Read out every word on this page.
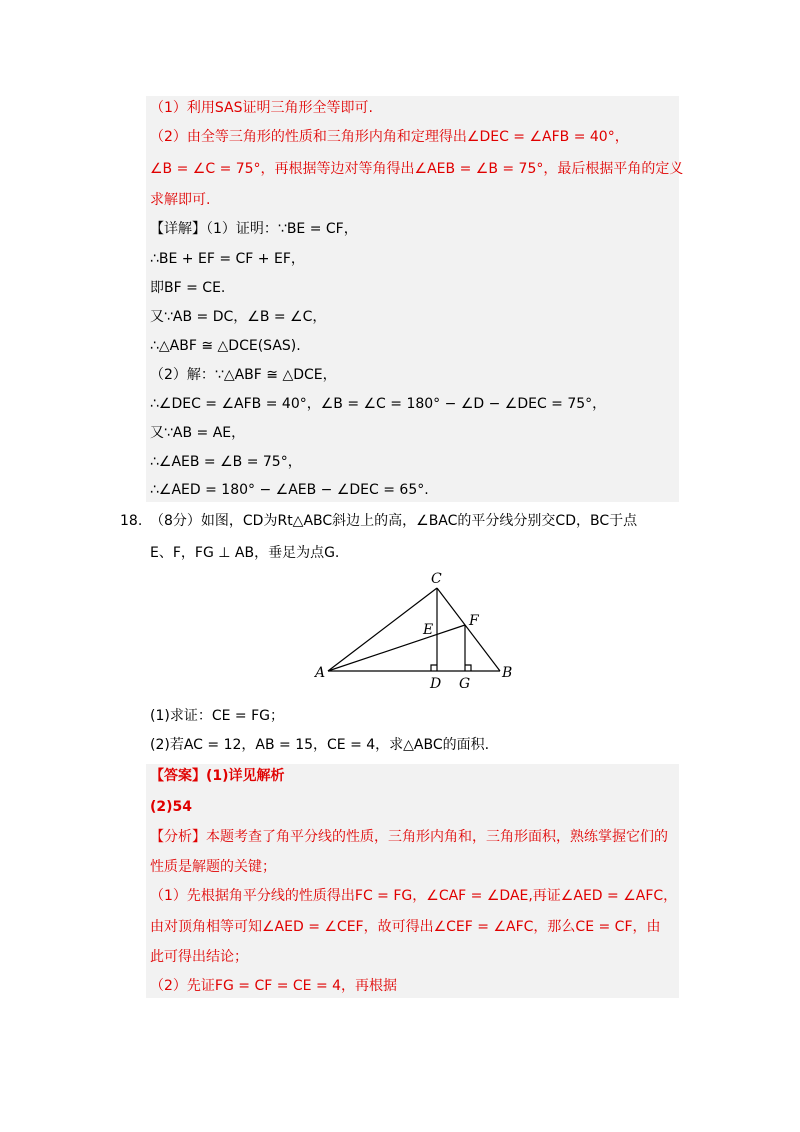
（1）利用SAS证明三角形全等即可.
（2）由全等三角形的性质和三角形内角和定理得出∠DEC = ∠AFB = 40°，
∠B = ∠C = 75°，再根据等边对等角得出∠AEB = ∠B = 75°，最后根据平角的定义
求解即可.
【详解】（1）证明：∵BE = CF，
∴BE + EF = CF + EF，
即BF = CE.
又∵AB = DC，∠B = ∠C，
∴△ABF ≅ △DCE(SAS).
（2）解：∵△ABF ≅ △DCE，
∴∠DEC = ∠AFB = 40°，∠B = ∠C = 180° − ∠D − ∠DEC = 75°，
又∵AB = AE，
∴∠AEB = ∠B = 75°，
∴∠AED = 180° − ∠AEB − ∠DEC = 65°.
18. （8分）如图，CD为Rt△ABC斜边上的高，∠BAC的平分线分别交CD，BC于点
E、F，FG ⊥ AB，垂足为点G.
A	B
C
D
E
F
G
(1)求证：CE = FG；
(2)若AC = 12，AB = 15，CE = 4，求△ABC的面积.
【答案】(1)详见解析
(2)54
【分析】本题考查了角平分线的性质，三角形内角和，三角形面积，熟练掌握它们的
性质是解题的关键；
（1）先根据角平分线的性质得出FC = FG，∠CAF = ∠DAE,再证∠AED = ∠AFC，
由对顶角相等可知∠AED = ∠CEF，故可得出∠CEF = ∠AFC，那么CE = CF，由
此可得出结论；
（2）先证FG = CF = CE = 4，再根据
